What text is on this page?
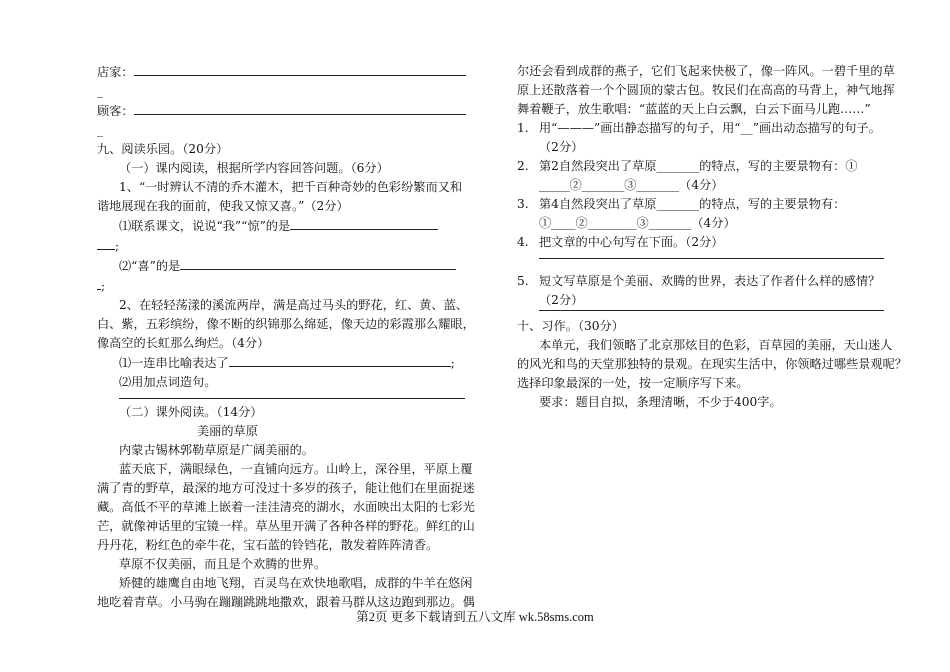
店家：
_
顾客：
_
九、阅读乐园。（20分）
（一）课内阅读，根据所学内容回答问题。（6分）
1、“一时辨认不清的乔木灌木，把千百种奇妙的色彩纷繁而又和
谐地展现在我的面前，使我又惊又喜。”（2分）
⑴联系课文，说说“我”“惊”的是
;
⑵“喜”的是
;
2、在轻轻荡漾的溪流两岸，满是高过马头的野花，红、黄、蓝、
白、紫，五彩缤纷，像不断的织锦那么绵延，像天边的彩霞那么耀眼，
像高空的长虹那么绚烂。（4分）
⑴一连串比喻表达了	;
⑵用加点词造句。
（二）课外阅读。（14分）
美丽的草原
内蒙古锡林郭勒草原是广阔美丽的。
蓝天底下，满眼绿色，一直铺向远方。山岭上，深谷里，平原上覆
满了青的野草，最深的地方可没过十多岁的孩子，能让他们在里面捉迷
藏。高低不平的草滩上嵌着一洼洼清亮的湖水，水面映出太阳的七彩光
芒，就像神话里的宝镜一样。草丛里开满了各种各样的野花。鲜红的山
丹丹花，粉红色的牵牛花，宝石蓝的铃铛花，散发着阵阵清香。
草原不仅美丽，而且是个欢腾的世界。
矫健的雄鹰自由地飞翔，百灵鸟在欢快地歌唱，成群的牛羊在悠闲
地吃着青草。小马驹在蹦蹦跳跳地撒欢，跟着马群从这边跑到那边。偶
尔还会看到成群的燕子，它们飞起来快极了，像一阵风。一碧千里的草
原上还散落着一个个圆顶的蒙古包。牧民们在高高的马背上，神气地挥
舞着鞭子，放生歌唱：“蓝蓝的天上白云飘，白云下面马儿跑……”
1. 用“———”画出静态描写的句子，用“__”画出动态描写的句子。
（2分）
2. 第2自然段突出了草原_______的特点，写的主要景物有：①
_____②_______③_______（4分）
3. 第4自然段突出了草原_______的特点，写的主要景物有：
①____②________③_______（4分）
4. 把文章的中心句写在下面。（2分）
5. 短文写草原是个美丽、欢腾的世界，表达了作者什么样的感情？
（2分）
十、习作。（30分）
本单元，我们领略了北京那炫目的色彩，百草园的美丽，天山迷人
的风光和鸟的天堂那独特的景观。在现实生活中，你领略过哪些景观呢？
选择印象最深的一处，按一定顺序写下来。
要求：题目自拟，条理清晰，不少于400字。
第2页 更多下载请到五八文库 wk.58sms.com
